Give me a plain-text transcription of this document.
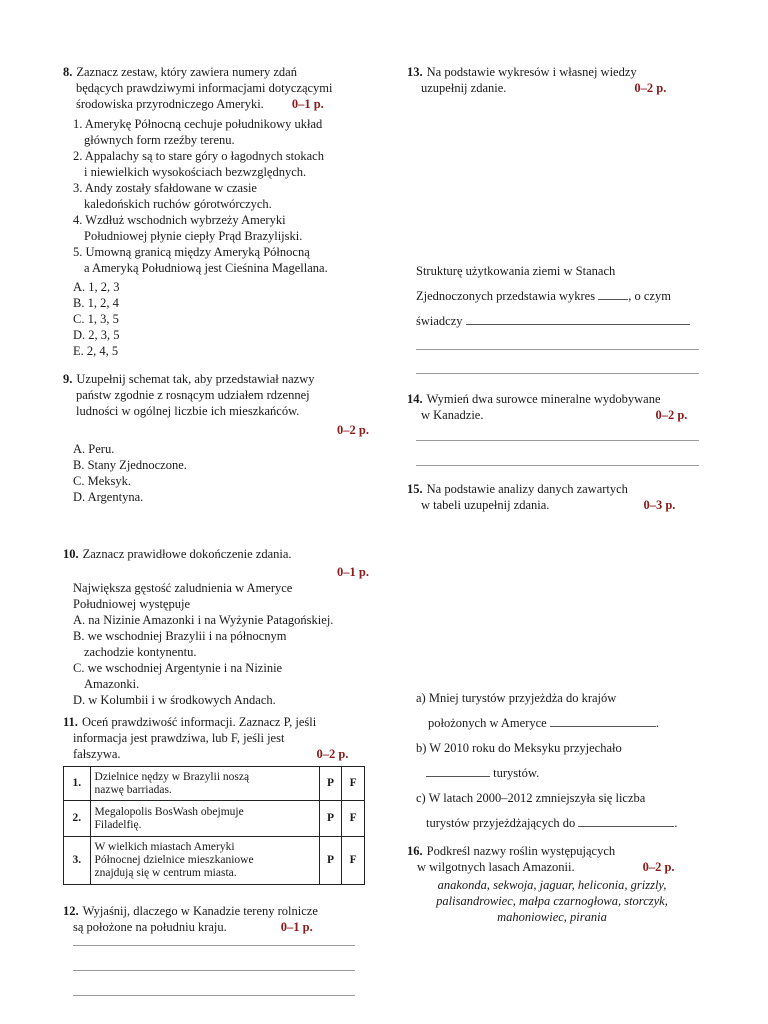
8. Zaznacz zestaw, który zawiera numery zdań
będących prawdziwymi informacjami dotyczącymi
środowiska przyrodniczego Ameryki. 0–1 p.
1. Amerykę Północną cechuje południkowy układ
głównych form rzeźby terenu.
2. Appalachy są to stare góry o łagodnych stokach
i niewielkich wysokościach bezwzględnych.
3. Andy zostały sfałdowane w czasie
kaledońskich ruchów górotwórczych.
4. Wzdłuż wschodnich wybrzeży Ameryki
Południowej płynie ciepły Prąd Brazylijski.
5. Umowną granicą między Ameryką Północną
a Ameryką Południową jest Cieśnina Magellana.
A. 1, 2, 3
B. 1, 2, 4
C. 1, 3, 5
D. 2, 3, 5
E. 2, 4, 5
9. Uzupełnij schemat tak, aby przedstawiał nazwy
państw zgodnie z rosnącym udziałem rdzennej
ludności w ogólnej liczbie ich mieszkańców.
0–2 p.
A. Peru.
B. Stany Zjednoczone.
C. Meksyk.
D. Argentyna.
10. Zaznacz prawidłowe dokończenie zdania.
0–1 p.
Największa gęstość zaludnienia w Ameryce
Południowej występuje
A. na Nizinie Amazonki i na Wyżynie Patagońskiej.
B. we wschodniej Brazylii i na północnym
zachodzie kontynentu.
C. we wschodniej Argentynie i na Nizinie
Amazonki.
D. w Kolumbii i w środkowych Andach.
11. Oceń prawdziwość informacji. Zaznacz P, jeśli
informacja jest prawdziwa, lub F, jeśli jest
fałszywa.	0–2 p.
1.	Dzielnice nędzy w Brazylii noszą
nazwę barriadas.	P	F
2.	Megalopolis BosWash obejmuje
Filadelfię.	P	F
3.	W wielkich miastach Ameryki
Północnej dzielnice mieszkaniowe
znajdują się w centrum miasta.	P	F
12. Wyjaśnij, dlaczego w Kanadzie tereny rolnicze
są położone na południu kraju.	0–1 p.
13. Na podstawie wykresów i własnej wiedzy
uzupełnij zdanie.	0–2 p.
Strukturę użytkowania ziemi w Stanach
Zjednoczonych przedstawia wykres	, o czym
świadczy
14. Wymień dwa surowce mineralne wydobywane
w Kanadzie.	0–2 p.
15. Na podstawie analizy danych zawartych
w tabeli uzupełnij zdania.	0–3 p.
a) Mniej turystów przyjeżdża do krajów
położonych w Ameryce	.
b) W 2010 roku do Meksyku przyjechało
turystów.
c) W latach 2000–2012 zmniejszyła się liczba
turystów przyjeżdżających do	.
16. Podkreśl nazwy roślin występujących
w wilgotnych lasach Amazonii.	0–2 p.
anakonda, sekwoja, jaguar, heliconia, grizzly,
palisandrowiec, małpa czarnogłowa, storczyk,
mahoniowiec, pirania
